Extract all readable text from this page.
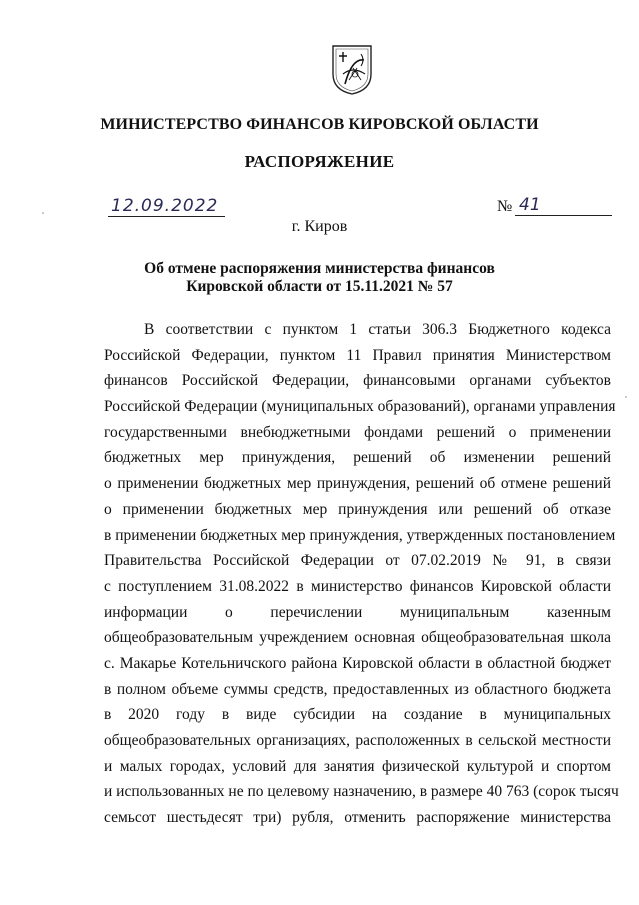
МИНИСТЕРСТВО ФИНАНСОВ КИРОВСКОЙ ОБЛАСТИ
РАСПОРЯЖЕНИЕ
12.09.2022	№ 41
г. Киров
Об отмене распоряжения министерства финансов
Кировской области от 15.11.2021 № 57
В соответствии с пунктом 1 статьи 306.3 Бюджетного кодекса
Российской Федерации, пунктом 11 Правил принятия Министерством
финансов Российской Федерации, финансовыми органами субъектов
Российской Федерации (муниципальных образований), органами управления
государственными внебюджетными фондами решений о применении
бюджетных мер принуждения, решений об изменении решений
о применении бюджетных мер принуждения, решений об отмене решений
о применении бюджетных мер принуждения или решений об отказе
в применении бюджетных мер принуждения, утвержденных постановлением
Правительства Российской Федерации от 07.02.2019 № 91, в связи
с поступлением 31.08.2022 в министерство финансов Кировской области
информации о перечислении муниципальным казенным
общеобразовательным учреждением основная общеобразовательная школа
с. Макарье Котельничского района Кировской области в областной бюджет
в полном объеме суммы средств, предоставленных из областного бюджета
в 2020 году в виде субсидии на создание в муниципальных
общеобразовательных организациях, расположенных в сельской местности
и малых городах, условий для занятия физической культурой и спортом
и использованных не по целевому назначению, в размере 40 763 (сорок тысяч
семьсот шестьдесят три) рубля, отменить распоряжение министерства
